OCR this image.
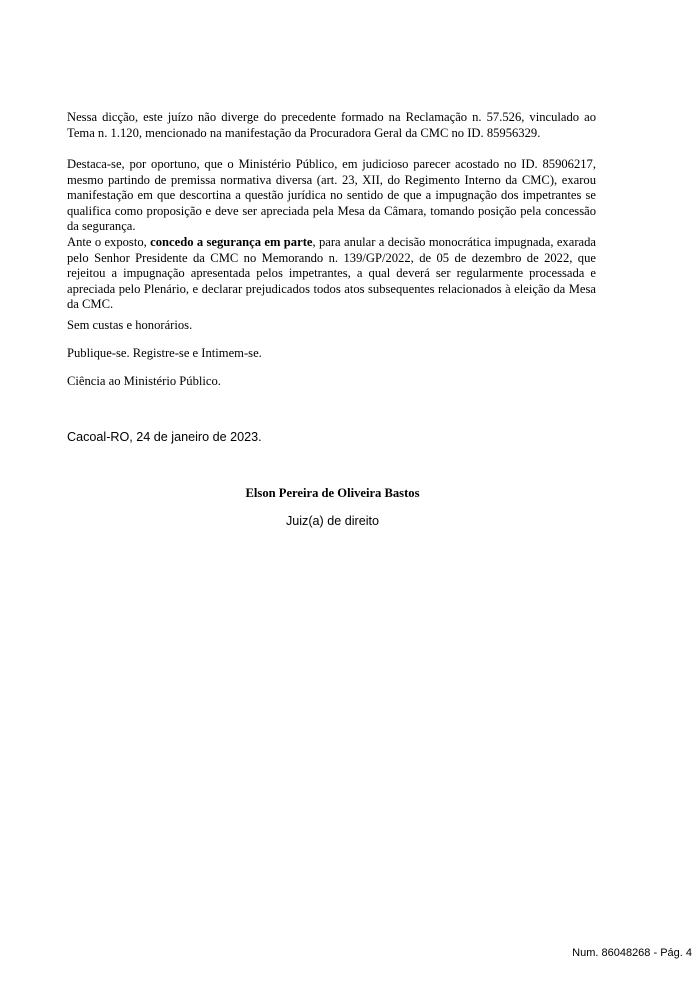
Nessa dicção, este juízo não diverge do precedente formado na Reclamação n. 57.526, vinculado ao Tema n. 1.120, mencionado na manifestação da Procuradora Geral da CMC no ID. 85956329.

Destaca-se, por oportuno, que o Ministério Público, em judicioso parecer acostado no ID. 85906217, mesmo partindo de premissa normativa diversa (art. 23, XII, do Regimento Interno da CMC), exarou manifestação em que descortina a questão jurídica no sentido de que a impugnação dos impetrantes se qualifica como proposição e deve ser apreciada pela Mesa da Câmara, tomando posição pela concessão da segurança.

Ante o exposto, concedo a segurança em parte, para anular a decisão monocrática impugnada, exarada pelo Senhor Presidente da CMC no Memorando n. 139/GP/2022, de 05 de dezembro de 2022, que rejeitou a impugnação apresentada pelos impetrantes, a qual deverá ser regularmente processada e apreciada pelo Plenário, e declarar prejudicados todos atos subsequentes relacionados à eleição da Mesa da CMC.

Sem custas e honorários.

Publique-se. Registre-se e Intimem-se.

Ciência ao Ministério Público.

Cacoal-RO, 24 de janeiro de 2023.

Elson Pereira de Oliveira Bastos

Juiz(a) de direito

Num. 86048268 - Pág. 4
